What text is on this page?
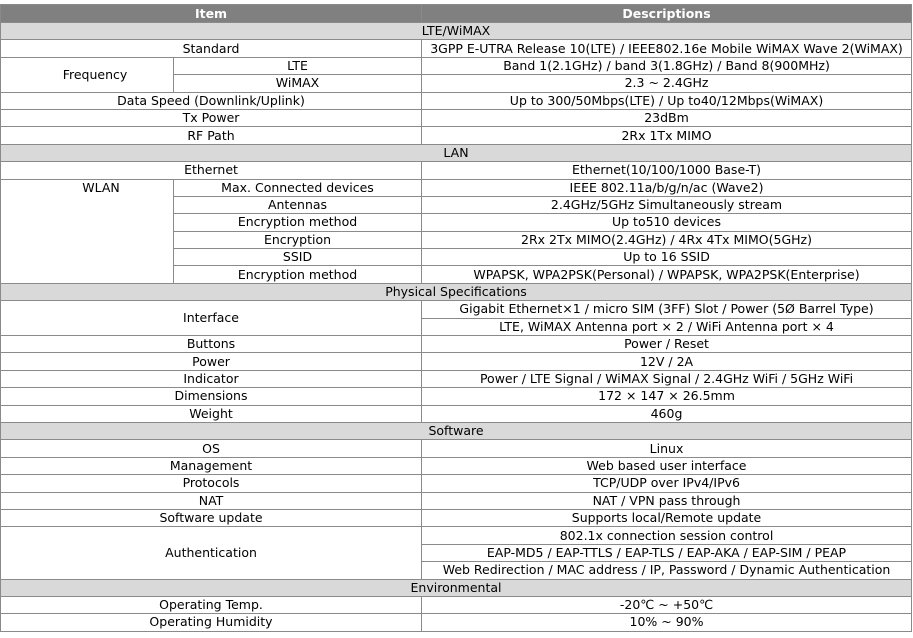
Item		Descriptions
LTE/WiMAX		
Standard		3GPP E-UTRA Release 10(LTE) / IEEE802.16e Mobile WiMAX Wave 2(WiMAX)
Frequency	LTE	Band 1(2.1GHz) / band 3(1.8GHz) / Band 8(900MHz)
	WiMAX	2.3 ~ 2.4GHz
Data Speed (Downlink/Uplink)		Up to 300/50Mbps(LTE) / Up to40/12Mbps(WiMAX)
Tx Power		23dBm
RF Path		2Rx 1Tx MIMO
LAN		
Ethernet		Ethernet(10/100/1000 Base-T)
WLAN	Max. Connected devices	IEEE 802.11a/b/g/n/ac (Wave2)
	Antennas	2.4GHz/5GHz Simultaneously stream
	Encryption method	Up to510 devices
	Encryption	2Rx 2Tx MIMO(2.4GHz) / 4Rx 4Tx MIMO(5GHz)
	SSID	Up to 16 SSID
	Encryption method	WPAPSK, WPA2PSK(Personal) / WPAPSK, WPA2PSK(Enterprise)
Physical Specifications		
Interface		Gigabit Ethernet×1 / micro SIM (3FF) Slot / Power (5Ø Barrel Type)
		LTE, WiMAX Antenna port × 2 / WiFi Antenna port × 4
Buttons		Power / Reset
Power		12V / 2A
Indicator		Power / LTE Signal / WiMAX Signal / 2.4GHz WiFi / 5GHz WiFi
Dimensions		172 × 147 × 26.5mm
Weight		460g
Software		
OS		Linux
Management		Web based user interface
Protocols		TCP/UDP over IPv4/IPv6
NAT		NAT / VPN pass through
Software update		Supports local/Remote update
Authentication		802.1x connection session control
		EAP-MD5 / EAP-TTLS / EAP-TLS / EAP-AKA / EAP-SIM / PEAP
		Web Redirection / MAC address / IP, Password / Dynamic Authentication
Environmental		
Operating Temp.		-20℃ ~ +50℃
Operating Humidity		10% ~ 90%
